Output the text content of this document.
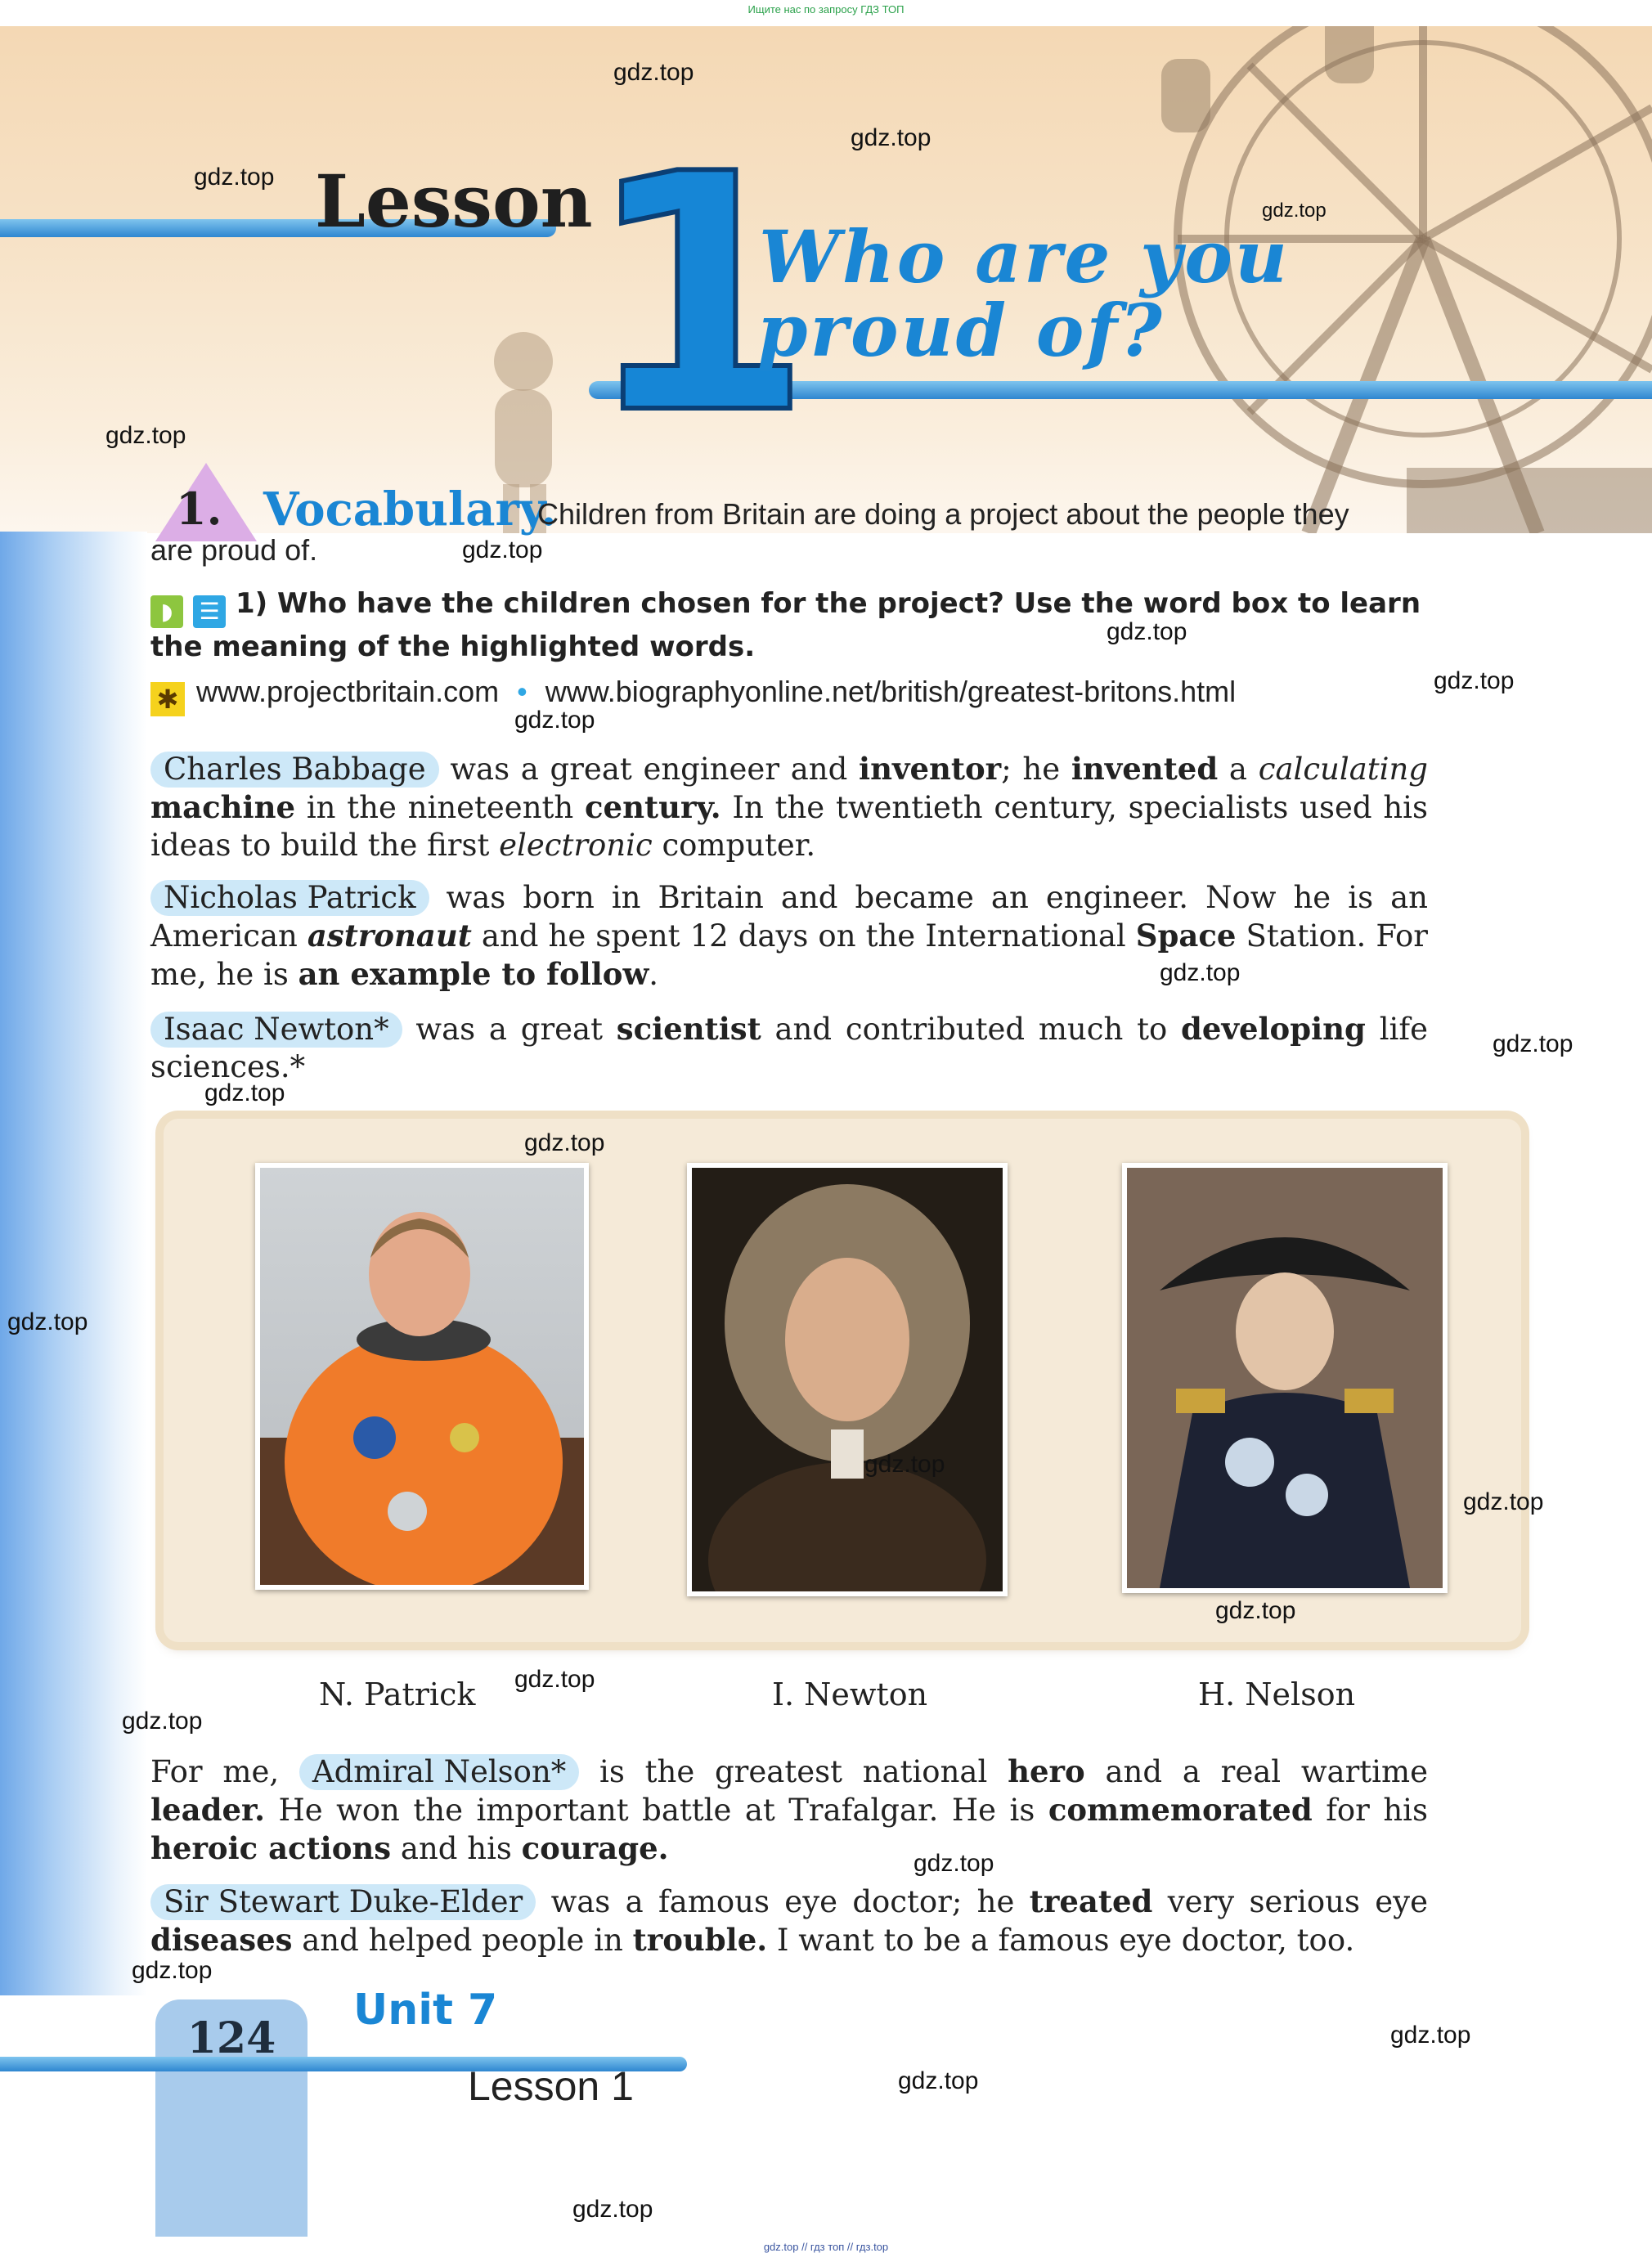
Ищите нас по запросу ГДЗ ТОП
Lesson
1
Who are you
proud of?
1. Vocabulary.
Children from Britain are doing a project about the people they
are proud of.
◗	☰ 1) Who have the children chosen for the project? Use the word box to learn
the meaning of the highlighted words.
✱ www.projectbritain.com • www.biographyonline.net/british/greatest-britons.html
Charles Babbage was a great engineer and inventor; he invented a calculating machine in the nineteenth century. In the twentieth century, specialists used his ideas to build the first electronic computer.
Nicholas Patrick was born in Britain and became an engineer. Now he is an American astronaut and he spent 12 days on the International Space Station. For me, he is an example to follow.
Isaac Newton* was a great scientist and contributed much to developing life sciences.*
N. Patrick	I. Newton	H. Nelson
For me, Admiral Nelson* is the greatest national hero and a real wartime leader. He won the important battle at Trafalgar. He is commemorated for his heroic actions and his courage.
Sir Stewart Duke-Elder was a famous eye doctor; he treated very serious eye diseases and helped people in trouble. I want to be a famous eye doctor, too.
124
Unit 7
Lesson 1
gdz.top // гдз топ // гдз.top
gdz.top
gdz.top
gdz.top
gdz.top
gdz.top
gdz.top
gdz.top
gdz.top
gdz.top
gdz.top
gdz.top
gdz.top
gdz.top
gdz.top
gdz.top
gdz.top
gdz.top
gdz.top
gdz.top
gdz.top
gdz.top
gdz.top
gdz.top
gdz.top
